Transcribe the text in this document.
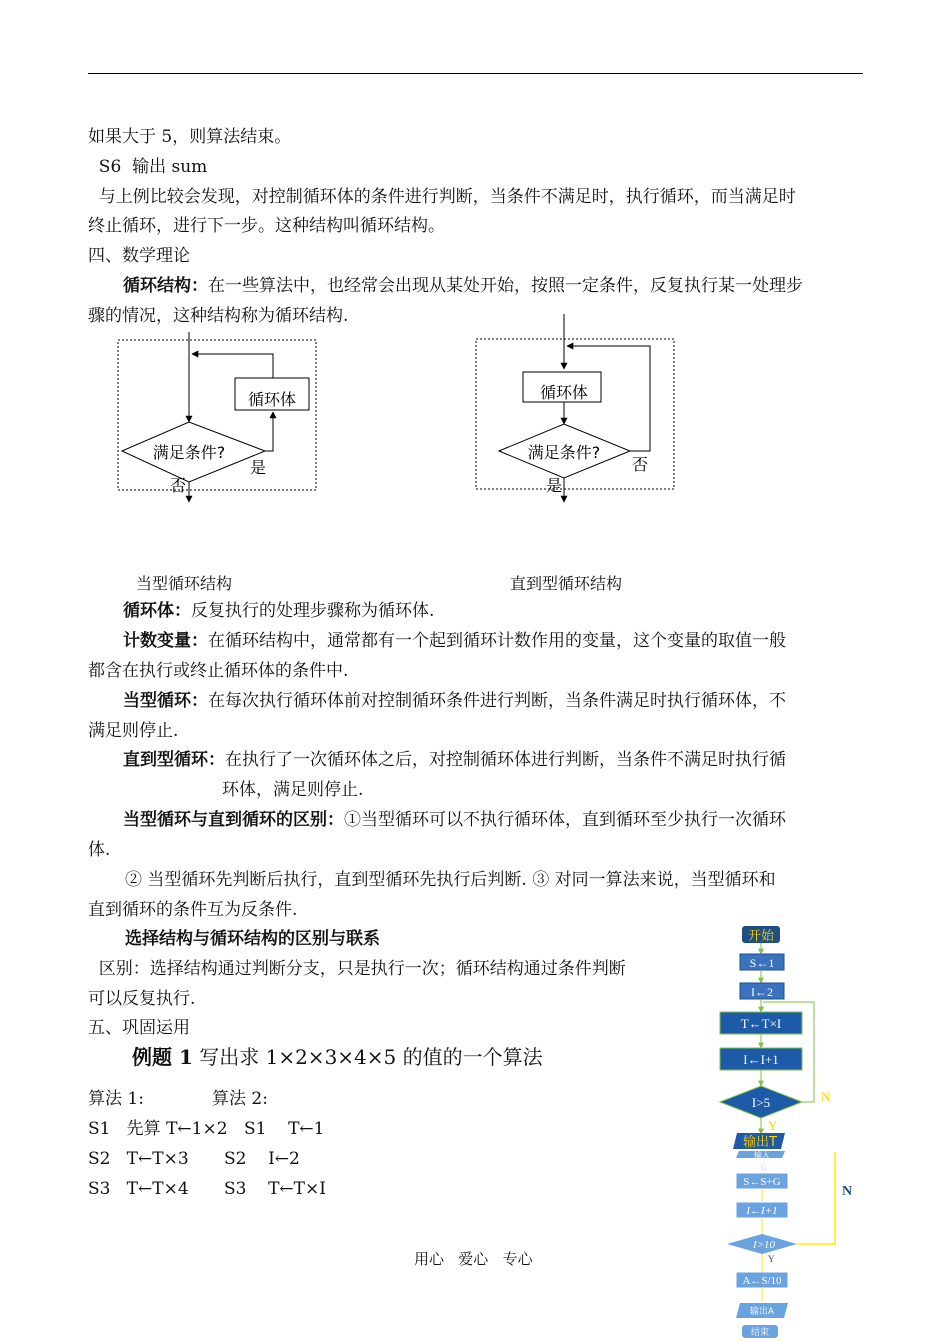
如果大于 5，则算法结束。
S6  输出 sum
与上例比较会发现，对控制循环体的条件进行判断，当条件不满足时，执行循环，而当满足时
终止循环，进行下一步。这种结构叫循环结构。
四、数学理论
循环结构：在一些算法中，也经常会出现从某处开始，按照一定条件，反复执行某一处理步
骤的情况，这种结构称为循环结构.
循环体
满足条件?
是
否
循环体
满足条件?
否
是
当型循环结构	直到型循环结构
循环体：反复执行的处理步骤称为循环体.
计数变量：在循环结构中，通常都有一个起到循环计数作用的变量，这个变量的取值一般
都含在执行或终止循环体的条件中.
当型循环：在每次执行循环体前对控制循环条件进行判断，当条件满足时执行循环体，不
满足则停止.
直到型循环：在执行了一次循环体之后，对控制循环体进行判断，当条件不满足时执行循
环体，满足则停止.
当型循环与直到循环的区别：①当型循环可以不执行循环体，直到循环至少执行一次循环
体.
② 当型循环先判断后执行，直到型循环先执行后判断. ③ 对同一算法来说，当型循环和
直到循环的条件互为反条件.
选择结构与循环结构的区别与联系
区别：选择结构通过判断分支，只是执行一次；循环结构通过条件判断
可以反复执行.
五、巩固运用
例题 1 写出求 1×2×3×4×5 的值的一个算法
算法 1:	算法 2:
S1   先算 T←1×2 S1    T←1
S2   T←T×3 S2    I←2
S3   T←T×4 S3    T←T×I
开始
S←1
I←2
T←T×I
I←I+1
I>5	N
Y
输出T
输入
G
S←S+G
I←I+1
I>10
N
Y
A←S/10
输出A
结束
用心   爱心   专心
